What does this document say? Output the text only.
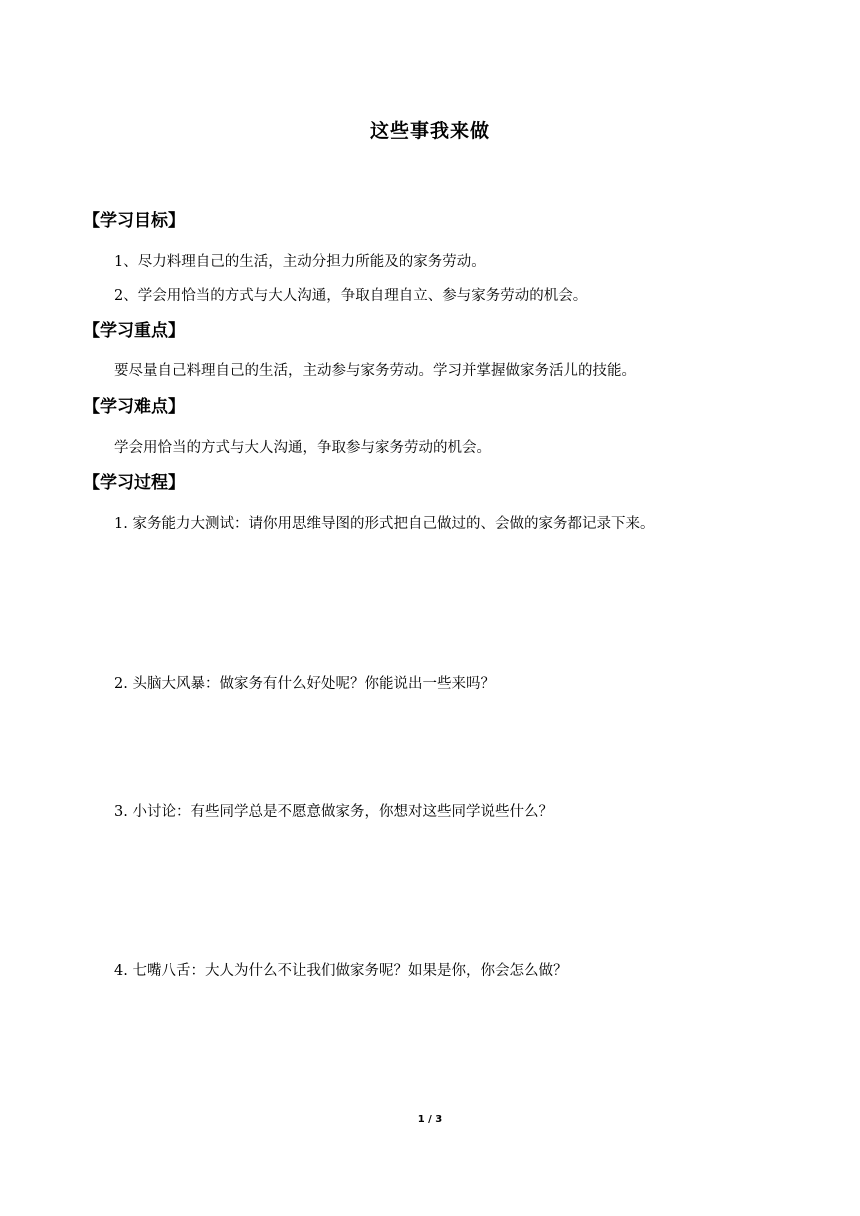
这些事我来做
【学习目标】
1、尽力料理自己的生活，主动分担力所能及的家务劳动。
2、学会用恰当的方式与大人沟通，争取自理自立、参与家务劳动的机会。
【学习重点】
要尽量自己料理自己的生活，主动参与家务劳动。学习并掌握做家务活儿的技能。
【学习难点】
学会用恰当的方式与大人沟通，争取参与家务劳动的机会。
【学习过程】
1. 家务能力大测试：请你用思维导图的形式把自己做过的、会做的家务都记录下来。
2. 头脑大风暴：做家务有什么好处呢？你能说出一些来吗？
3. 小讨论：有些同学总是不愿意做家务，你想对这些同学说些什么？
4. 七嘴八舌：大人为什么不让我们做家务呢？如果是你，你会怎么做？
1 / 3
